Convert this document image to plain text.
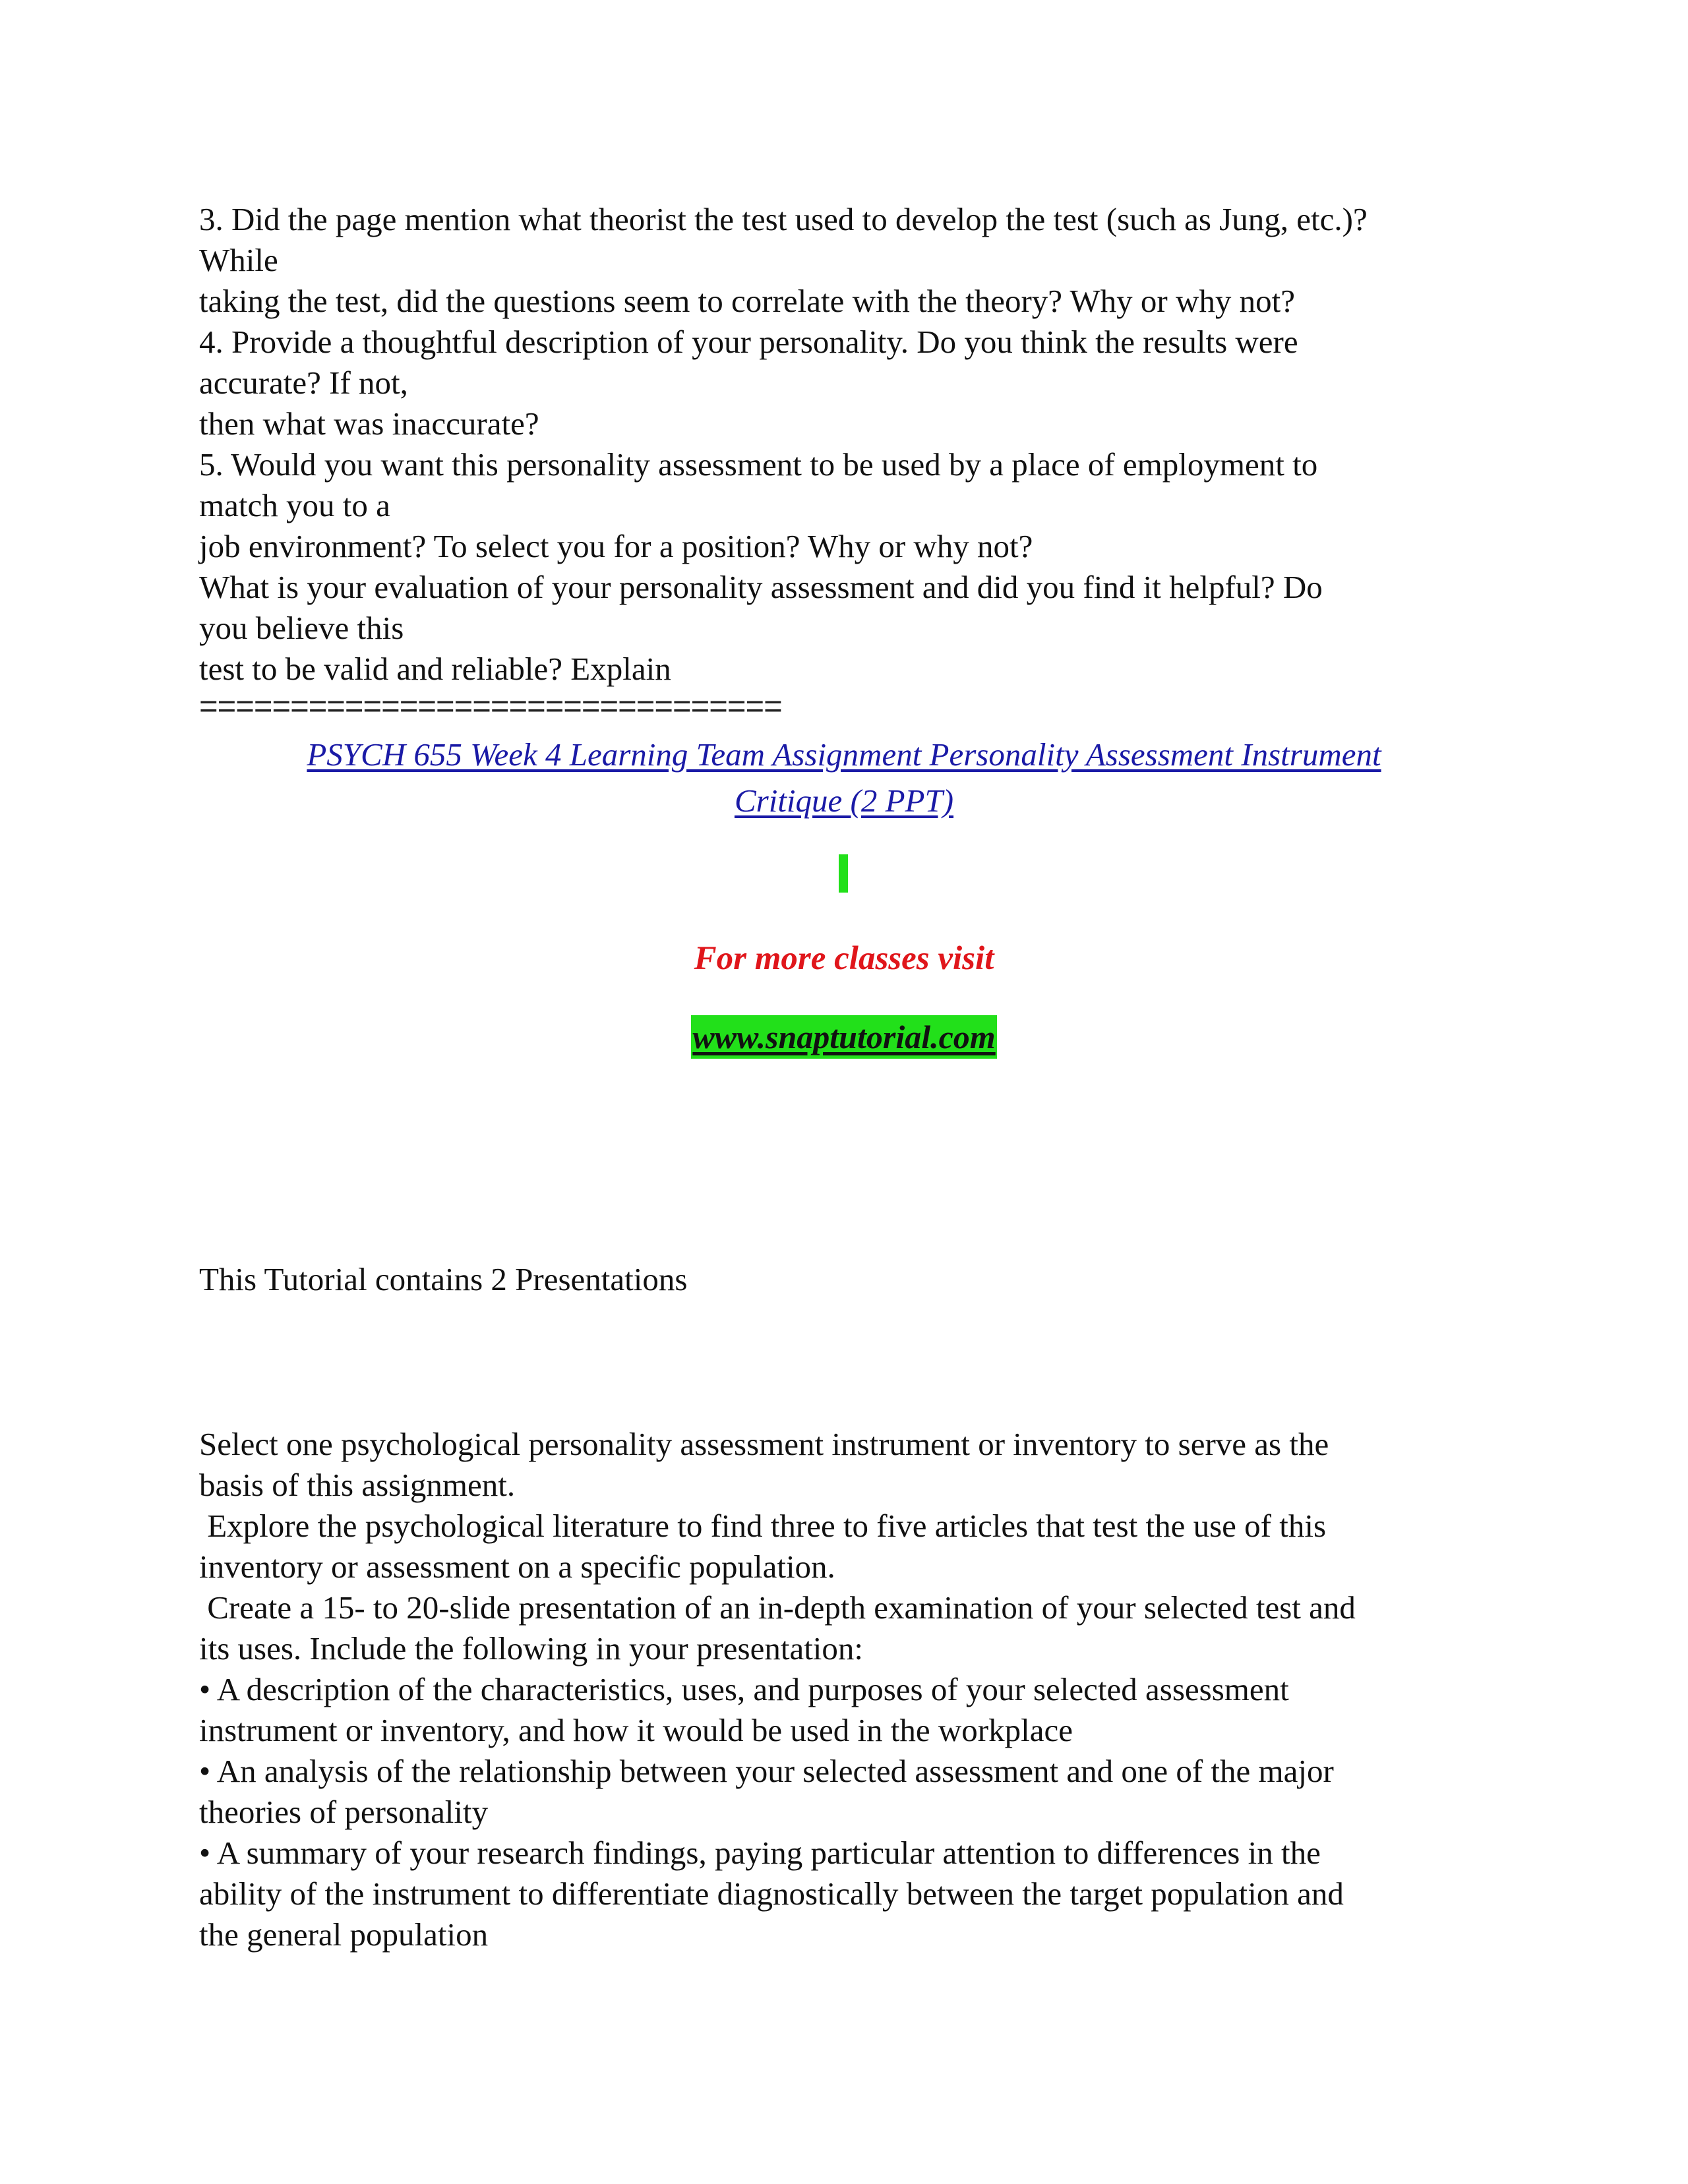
3. Did the page mention what theorist the test used to develop the test (such as Jung, etc.)?
While
taking the test, did the questions seem to correlate with the theory? Why or why not?
4. Provide a thoughtful description of your personality. Do you think the results were
accurate? If not,
then what was inaccurate?
5. Would you want this personality assessment to be used by a place of employment to
match you to a
job environment? To select you for a position? Why or why not?
What is your evaluation of your personality assessment and did you find it helpful? Do
you believe this
test to be valid and reliable? Explain
================================
PSYCH 655 Week 4 Learning Team Assignment Personality Assessment Instrument
Critique (2 PPT)
For more classes visit
www.snaptutorial.com
This Tutorial contains 2 Presentations
Select one psychological personality assessment instrument or inventory to serve as the
basis of this assignment.
Explore the psychological literature to find three to five articles that test the use of this
inventory or assessment on a specific population.
Create a 15- to 20-slide presentation of an in-depth examination of your selected test and
its uses. Include the following in your presentation:
• A description of the characteristics, uses, and purposes of your selected assessment
instrument or inventory, and how it would be used in the workplace
• An analysis of the relationship between your selected assessment and one of the major
theories of personality
• A summary of your research findings, paying particular attention to differences in the
ability of the instrument to differentiate diagnostically between the target population and
the general population
